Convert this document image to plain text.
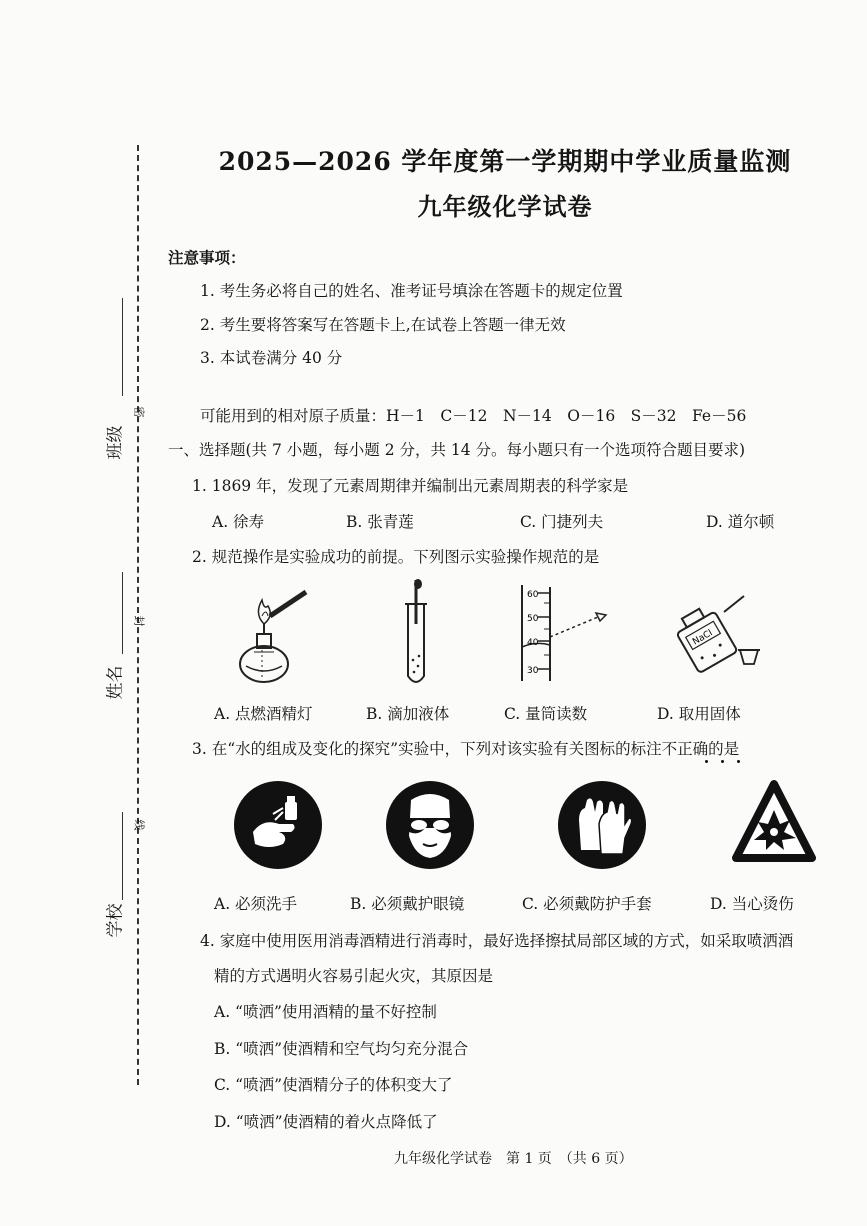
班级
姓名
学校
密
封
线
2025—2026 学年度第一学期期中学业质量监测
九年级化学试卷
注意事项：
1. 考生务必将自己的姓名、准考证号填涂在答题卡的规定位置
2. 考生要将答案写在答题卡上,在试卷上答题一律无效
3. 本试卷满分 40 分
可能用到的相对原子质量：H－1　C－12　N－14　O－16　S－32　Fe－56
一、选择题(共 7 小题，每小题 2 分，共 14 分。每小题只有一个选项符合题目要求)
1. 1869 年，发现了元素周期律并编制出元素周期表的科学家是
A. 徐寿	B. 张青莲	C. 门捷列夫	D. 道尔顿
2. 规范操作是实验成功的前提。下列图示实验操作规范的是
60
50
40
30
NaCl
A. 点燃酒精灯	B. 滴加液体	C. 量筒读数	D. 取用固体
3. 在“水的组成及变化的探究”实验中，下列对该实验有关图标的标注不正确的是
A. 必须洗手	B. 必须戴护眼镜	C. 必须戴防护手套	D. 当心烫伤
4. 家庭中使用医用消毒酒精进行消毒时，最好选择擦拭局部区域的方式，如采取喷洒酒
精的方式遇明火容易引起火灾，其原因是
A. “喷洒”使用酒精的量不好控制
B. “喷洒”使酒精和空气均匀充分混合
C. “喷洒”使酒精分子的体积变大了
D. “喷洒”使酒精的着火点降低了
九年级化学试卷　第 1 页　（共 6 页）
